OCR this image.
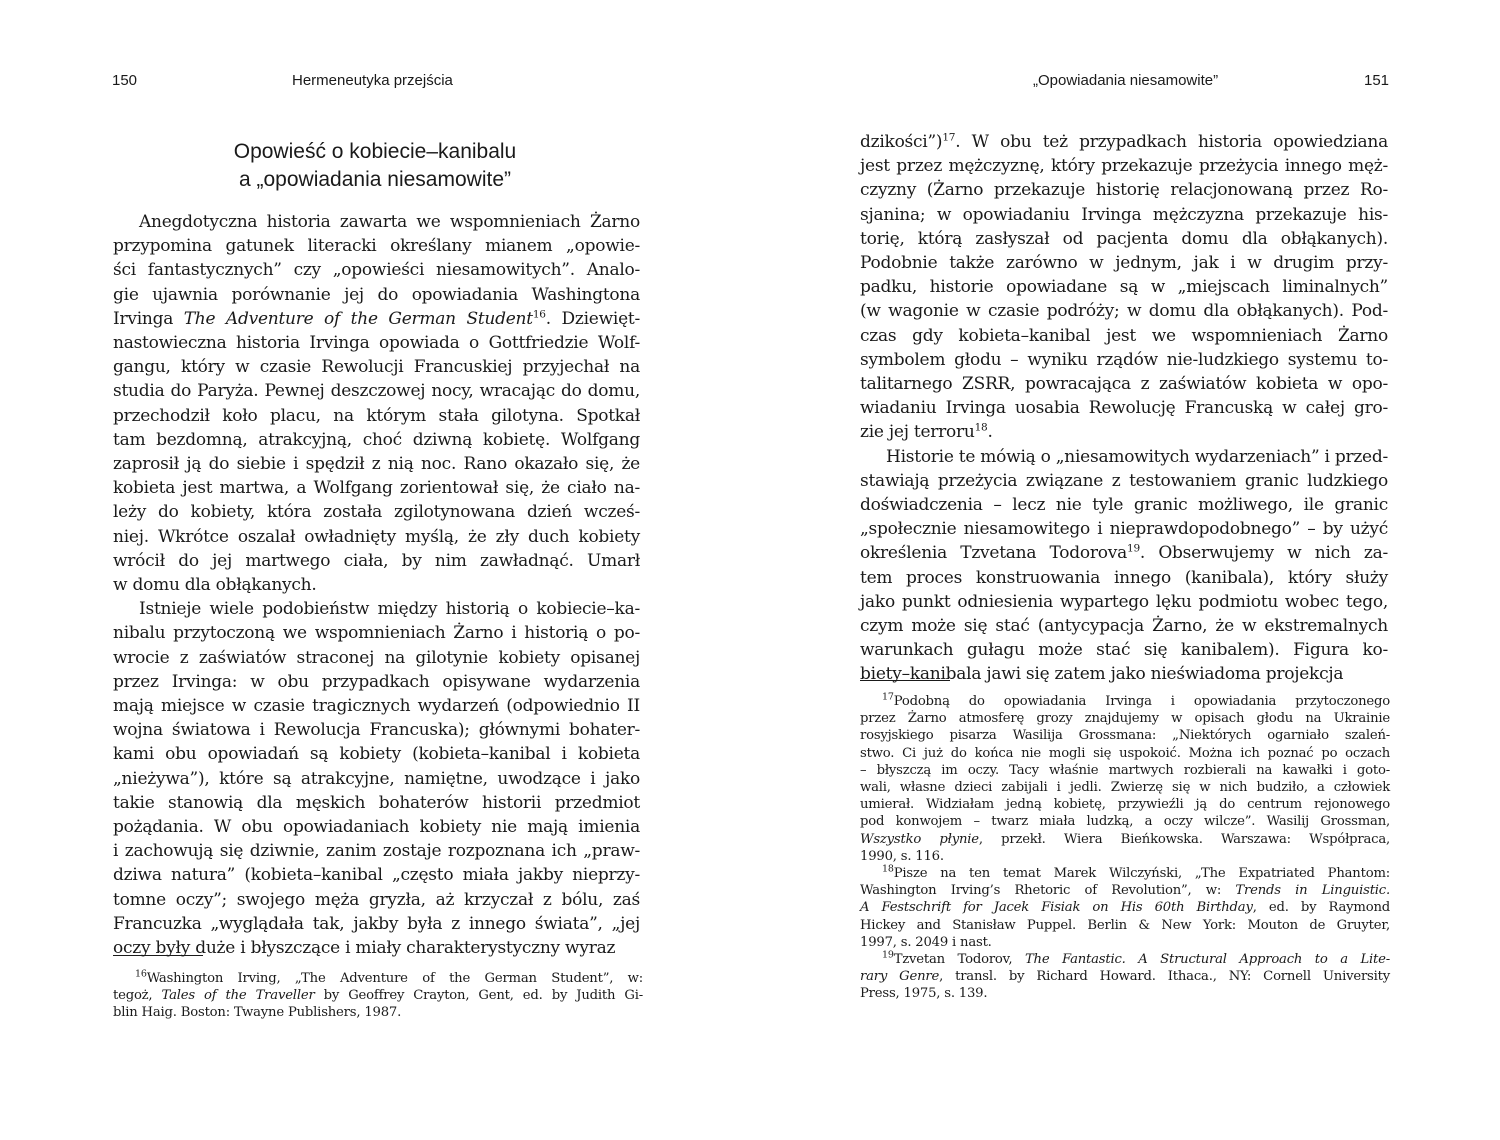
150	Hermeneutyka przejścia
Opowieść o kobiecie–kanibalu
a „opowiadania niesamowite”
Anegdotyczna historia zawarta we wspomnieniach Żarno
przypomina gatunek literacki określany mianem „opowie-
ści fantastycznych” czy „opowieści niesamowitych”. Analo-
gie ujawnia porównanie jej do opowiadania Washingtona
Irvinga The Adventure of the German Student$^{16}$. Dziewięt-
nastowieczna historia Irvinga opowiada o Gottfriedzie Wolf-
gangu, który w czasie Rewolucji Francuskiej przyjechał na
studia do Paryża. Pewnej deszczowej nocy, wracając do domu,
przechodził koło placu, na którym stała gilotyna. Spotkał
tam bezdomną, atrakcyjną, choć dziwną kobietę. Wolfgang
zaprosił ją do siebie i spędził z nią noc. Rano okazało się, że
kobieta jest martwa, a Wolfgang zorientował się, że ciało na-
leży do kobiety, która została zgilotynowana dzień wcześ-
niej. Wkrótce oszalał owładnięty myślą, że zły duch kobiety
wrócił do jej martwego ciała, by nim zawładnąć. Umarł
w domu dla obłąkanych.
Istnieje wiele podobieństw między historią o kobiecie–ka-
nibalu przytoczoną we wspomnieniach Żarno i historią o po-
wrocie z zaświatów straconej na gilotynie kobiety opisanej
przez Irvinga: w obu przypadkach opisywane wydarzenia
mają miejsce w czasie tragicznych wydarzeń (odpowiednio II
wojna światowa i Rewolucja Francuska); głównymi bohater-
kami obu opowiadań są kobiety (kobieta–kanibal i kobieta
„nieżywa”), które są atrakcyjne, namiętne, uwodzące i jako
takie stanowią dla męskich bohaterów historii przedmiot
pożądania. W obu opowiadaniach kobiety nie mają imienia
i zachowują się dziwnie, zanim zostaje rozpoznana ich „praw-
dziwa natura” (kobieta–kanibal „często miała jakby nieprzy-
tomne oczy”; swojego męża gryzła, aż krzyczał z bólu, zaś
Francuzka „wyglądała tak, jakby była z innego świata”, „jej
oczy były duże i błyszczące i miały charakterystyczny wyraz
$^{16}$Washington Irving, „The Adventure of the German Student”, w:
tegoż, Tales of the Traveller by Geoffrey Crayton, Gent, ed. by Judith Gi-
blin Haig. Boston: Twayne Publishers, 1987.
„Opowiadania niesamowite”	151
dzikości”)$^{17}$. W obu też przypadkach historia opowiedziana
jest przez mężczyznę, który przekazuje przeżycia innego męż-
czyzny (Żarno przekazuje historię relacjonowaną przez Ro-
sjanina; w opowiadaniu Irvinga mężczyzna przekazuje his-
torię, którą zasłyszał od pacjenta domu dla obłąkanych).
Podobnie także zarówno w jednym, jak i w drugim przy-
padku, historie opowiadane są w „miejscach liminalnych”
(w wagonie w czasie podróży; w domu dla obłąkanych). Pod-
czas gdy kobieta–kanibal jest we wspomnieniach Żarno
symbolem głodu – wyniku rządów nie-ludzkiego systemu to-
talitarnego ZSRR, powracająca z zaświatów kobieta w opo-
wiadaniu Irvinga uosabia Rewolucję Francuską w całej gro-
zie jej terroru$^{18}$.
Historie te mówią o „niesamowitych wydarzeniach” i przed-
stawiają przeżycia związane z testowaniem granic ludzkiego
doświadczenia – lecz nie tyle granic możliwego, ile granic
„społecznie niesamowitego i nieprawdopodobnego” – by użyć
określenia Tzvetana Todorova$^{19}$. Obserwujemy w nich za-
tem proces konstruowania innego (kanibala), który służy
jako punkt odniesienia wypartego lęku podmiotu wobec tego,
czym może się stać (antycypacja Żarno, że w ekstremalnych
warunkach gułagu może stać się kanibalem). Figura ko-
biety–kanibala jawi się zatem jako nieświadoma projekcja
$^{17}$Podobną do opowiadania Irvinga i opowiadania przytoczonego
przez Żarno atmosferę grozy znajdujemy w opisach głodu na Ukrainie
rosyjskiego pisarza Wasilija Grossmana: „Niektórych ogarniało szaleń-
stwo. Ci już do końca nie mogli się uspokoić. Można ich poznać po oczach
– błyszczą im oczy. Tacy właśnie martwych rozbierali na kawałki i goto-
wali, własne dzieci zabijali i jedli. Zwierzę się w nich budziło, a człowiek
umierał. Widziałam jedną kobietę, przywieźli ją do centrum rejonowego
pod konwojem – twarz miała ludzką, a oczy wilcze”. Wasilij Grossman,
Wszystko płynie, przekł. Wiera Bieńkowska. Warszawa: Współpraca,
1990, s. 116.
$^{18}$Pisze na ten temat Marek Wilczyński, „The Expatriated Phantom:
Washington Irving’s Rhetoric of Revolution”, w: Trends in Linguistic.
A Festschrift for Jacek Fisiak on His 60th Birthday, ed. by Raymond
Hickey and Stanisław Puppel. Berlin & New York: Mouton de Gruyter,
1997, s. 2049 i nast.
$^{19}$Tzvetan Todorov, The Fantastic. A Structural Approach to a Lite-
rary Genre, transl. by Richard Howard. Ithaca., NY: Cornell University
Press, 1975, s. 139.
